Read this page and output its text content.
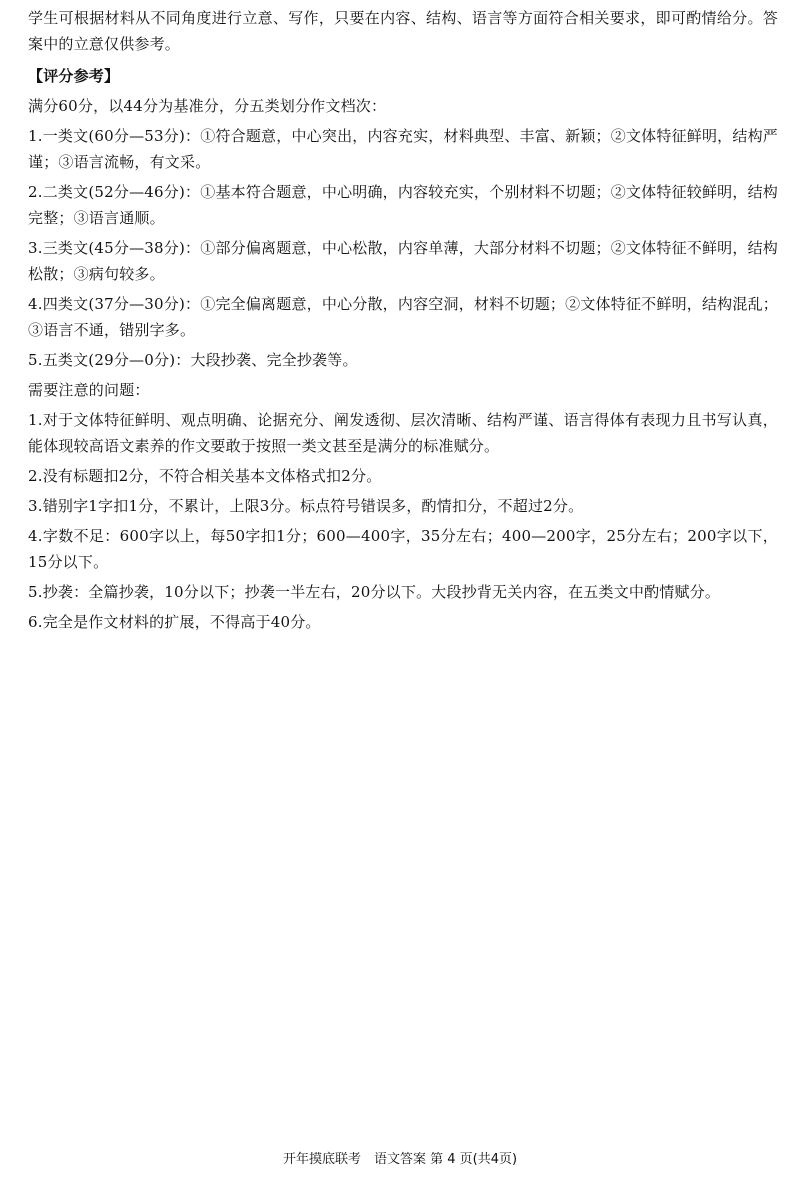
学生可根据材料从不同角度进行立意、写作，只要在内容、结构、语言等方面符合相关要求，即可酌情给分。答案中的立意仅供参考。

【评分参考】

满分60分，以44分为基准分，分五类划分作文档次：

1.一类文(60分—53分)：①符合题意，中心突出，内容充实，材料典型、丰富、新颖；②文体特征鲜明，结构严谨；③语言流畅，有文采。

2.二类文(52分—46分)：①基本符合题意，中心明确，内容较充实，个别材料不切题；②文体特征较鲜明，结构完整；③语言通顺。

3.三类文(45分—38分)：①部分偏离题意，中心松散，内容单薄，大部分材料不切题；②文体特征不鲜明，结构松散；③病句较多。

4.四类文(37分—30分)：①完全偏离题意，中心分散，内容空洞，材料不切题；②文体特征不鲜明，结构混乱；③语言不通，错别字多。

5.五类文(29分—0分)：大段抄袭、完全抄袭等。

需要注意的问题：

1.对于文体特征鲜明、观点明确、论据充分、阐发透彻、层次清晰、结构严谨、语言得体有表现力且书写认真，能体现较高语文素养的作文要敢于按照一类文甚至是满分的标准赋分。

2.没有标题扣2分，不符合相关基本文体格式扣2分。

3.错别字1字扣1分，不累计，上限3分。标点符号错误多，酌情扣分，不超过2分。

4.字数不足：600字以上，每50字扣1分；600—400字，35分左右；400—200字，25分左右；200字以下，15分以下。

5.抄袭：全篇抄袭，10分以下；抄袭一半左右，20分以下。大段抄背无关内容，在五类文中酌情赋分。

6.完全是作文材料的扩展，不得高于40分。

开年摸底联考　语文答案 第 4 页(共4页)
